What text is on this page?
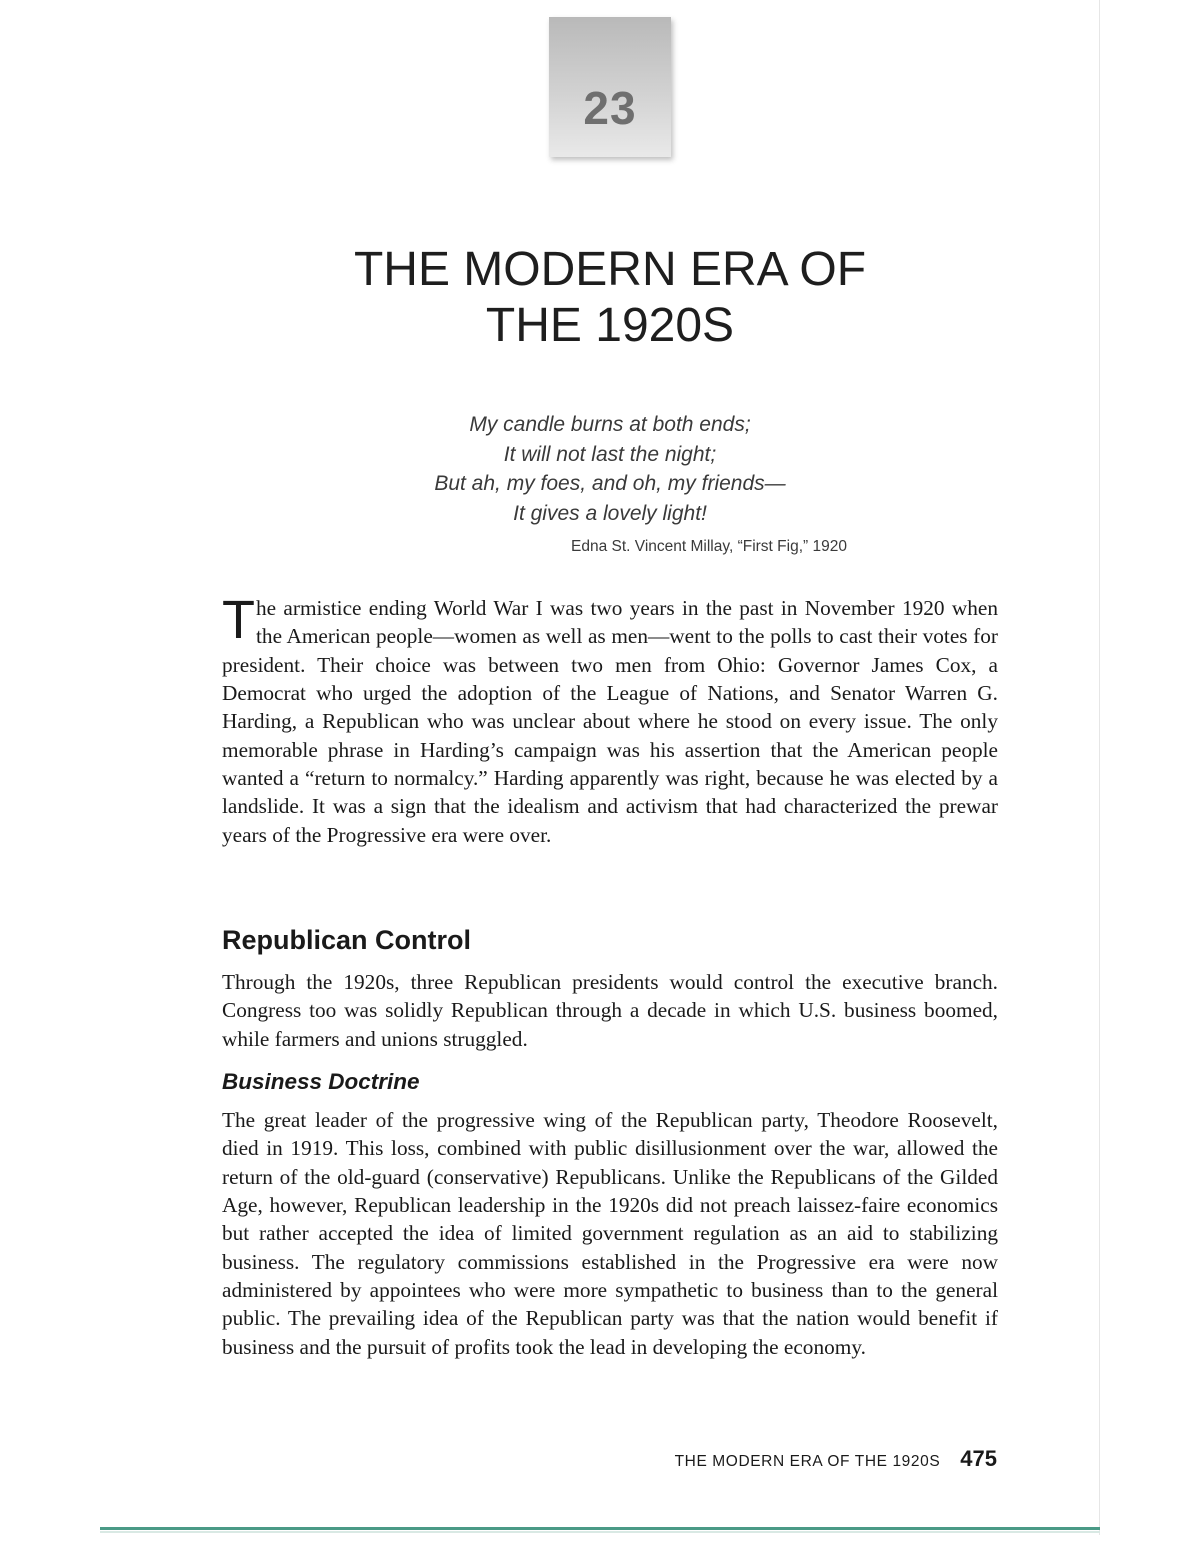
23
THE MODERN ERA OF
THE 1920S
My candle burns at both ends;
It will not last the night;
But ah, my foes, and oh, my friends—
It gives a lovely light!
Edna St. Vincent Millay, “First Fig,” 1920
The armistice ending World War I was two years in the past in November 1920 when the American people—women as well as men—went to the polls to cast their votes for president. Their choice was between two men from Ohio: Governor James Cox, a Democrat who urged the adoption of the League of Nations, and Senator Warren G. Harding, a Republican who was unclear about where he stood on every issue. The only memorable phrase in Harding’s campaign was his assertion that the American people wanted a “return to normalcy.” Harding apparently was right, because he was elected by a landslide. It was a sign that the idealism and activism that had characterized the prewar years of the Progressive era were over.
Republican Control
Through the 1920s, three Republican presidents would control the executive branch. Congress too was solidly Republican through a decade in which U.S. business boomed, while farmers and unions struggled.
Business Doctrine
The great leader of the progressive wing of the Republican party, Theodore Roosevelt, died in 1919. This loss, combined with public disillusionment over the war, allowed the return of the old-guard (conservative) Republicans. Unlike the Republicans of the Gilded Age, however, Republican leadership in the 1920s did not preach laissez-faire economics but rather accepted the idea of limited government regulation as an aid to stabilizing business. The regulatory commissions established in the Progressive era were now administered by appointees who were more sympathetic to business than to the general public. The prevailing idea of the Republican party was that the nation would benefit if business and the pursuit of profits took the lead in developing the economy.
THE MODERN ERA OF THE 1920S 475
